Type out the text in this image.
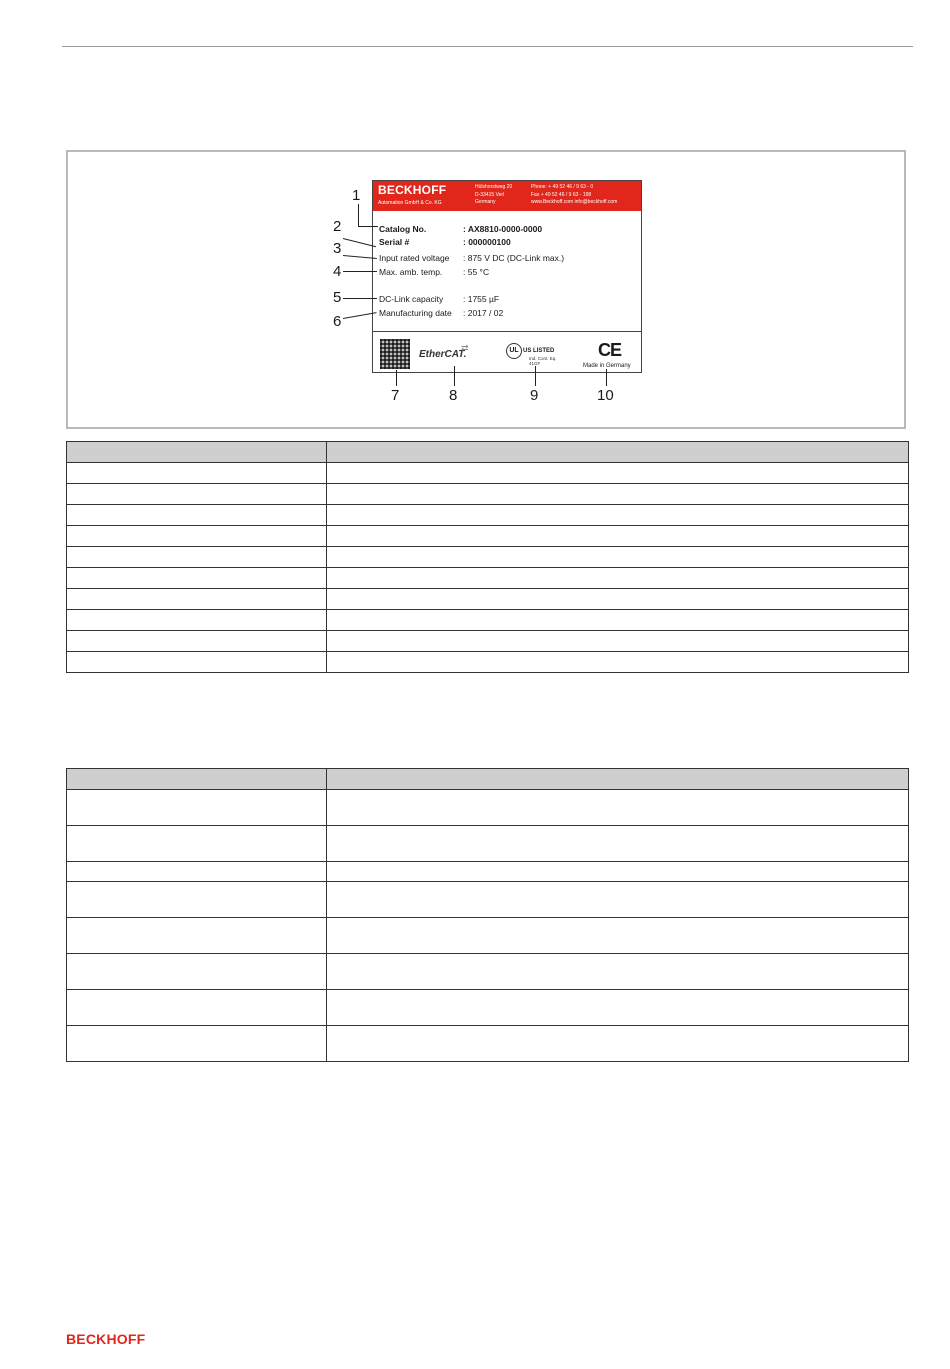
BECKHOFF
Automation GmbH & Co. KG
Hülshorstweg 20
D-33415 Verl
Germany
Phone: + 49 52 46 / 9 63 - 0
Fax + 49 52 46 / 9 63 - 198
www.Beckhoff.com info@beckhoff.com
Catalog No.	: AX8810-0000-0000
Serial #	: 000000100
Input rated voltage : 875 V DC (DC-Link max.)
Max. amb. temp. : 55 °C
DC-Link capacity : 1755 µF
Manufacturing date : 2017 / 02
EtherCAT.
⇄	UL US LISTED
Ind. Cont. Eq.
41GF
CE
Made in Germany
1
2
3
4
5
6
7	8	9	10

BECKHOFF
